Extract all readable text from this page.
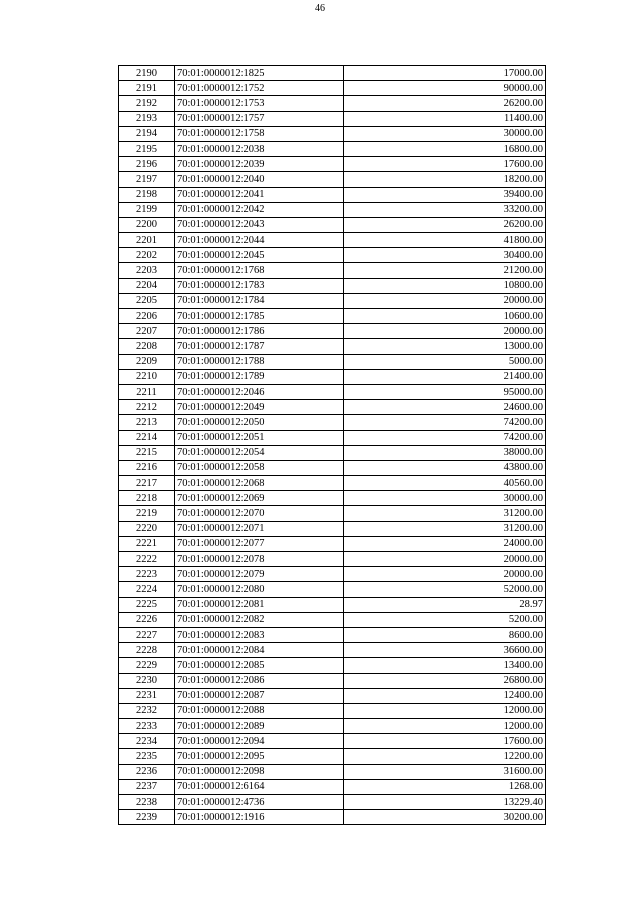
46
2190	70:01:0000012:1825	17000.00
2191	70:01:0000012:1752	90000.00
2192	70:01:0000012:1753	26200.00
2193	70:01:0000012:1757	11400.00
2194	70:01:0000012:1758	30000.00
2195	70:01:0000012:2038	16800.00
2196	70:01:0000012:2039	17600.00
2197	70:01:0000012:2040	18200.00
2198	70:01:0000012:2041	39400.00
2199	70:01:0000012:2042	33200.00
2200	70:01:0000012:2043	26200.00
2201	70:01:0000012:2044	41800.00
2202	70:01:0000012:2045	30400.00
2203	70:01:0000012:1768	21200.00
2204	70:01:0000012:1783	10800.00
2205	70:01:0000012:1784	20000.00
2206	70:01:0000012:1785	10600.00
2207	70:01:0000012:1786	20000.00
2208	70:01:0000012:1787	13000.00
2209	70:01:0000012:1788	5000.00
2210	70:01:0000012:1789	21400.00
2211	70:01:0000012:2046	95000.00
2212	70:01:0000012:2049	24600.00
2213	70:01:0000012:2050	74200.00
2214	70:01:0000012:2051	74200.00
2215	70:01:0000012:2054	38000.00
2216	70:01:0000012:2058	43800.00
2217	70:01:0000012:2068	40560.00
2218	70:01:0000012:2069	30000.00
2219	70:01:0000012:2070	31200.00
2220	70:01:0000012:2071	31200.00
2221	70:01:0000012:2077	24000.00
2222	70:01:0000012:2078	20000.00
2223	70:01:0000012:2079	20000.00
2224	70:01:0000012:2080	52000.00
2225	70:01:0000012:2081	28.97
2226	70:01:0000012:2082	5200.00
2227	70:01:0000012:2083	8600.00
2228	70:01:0000012:2084	36600.00
2229	70:01:0000012:2085	13400.00
2230	70:01:0000012:2086	26800.00
2231	70:01:0000012:2087	12400.00
2232	70:01:0000012:2088	12000.00
2233	70:01:0000012:2089	12000.00
2234	70:01:0000012:2094	17600.00
2235	70:01:0000012:2095	12200.00
2236	70:01:0000012:2098	31600.00
2237	70:01:0000012:6164	1268.00
2238	70:01:0000012:4736	13229.40
2239	70:01:0000012:1916	30200.00
